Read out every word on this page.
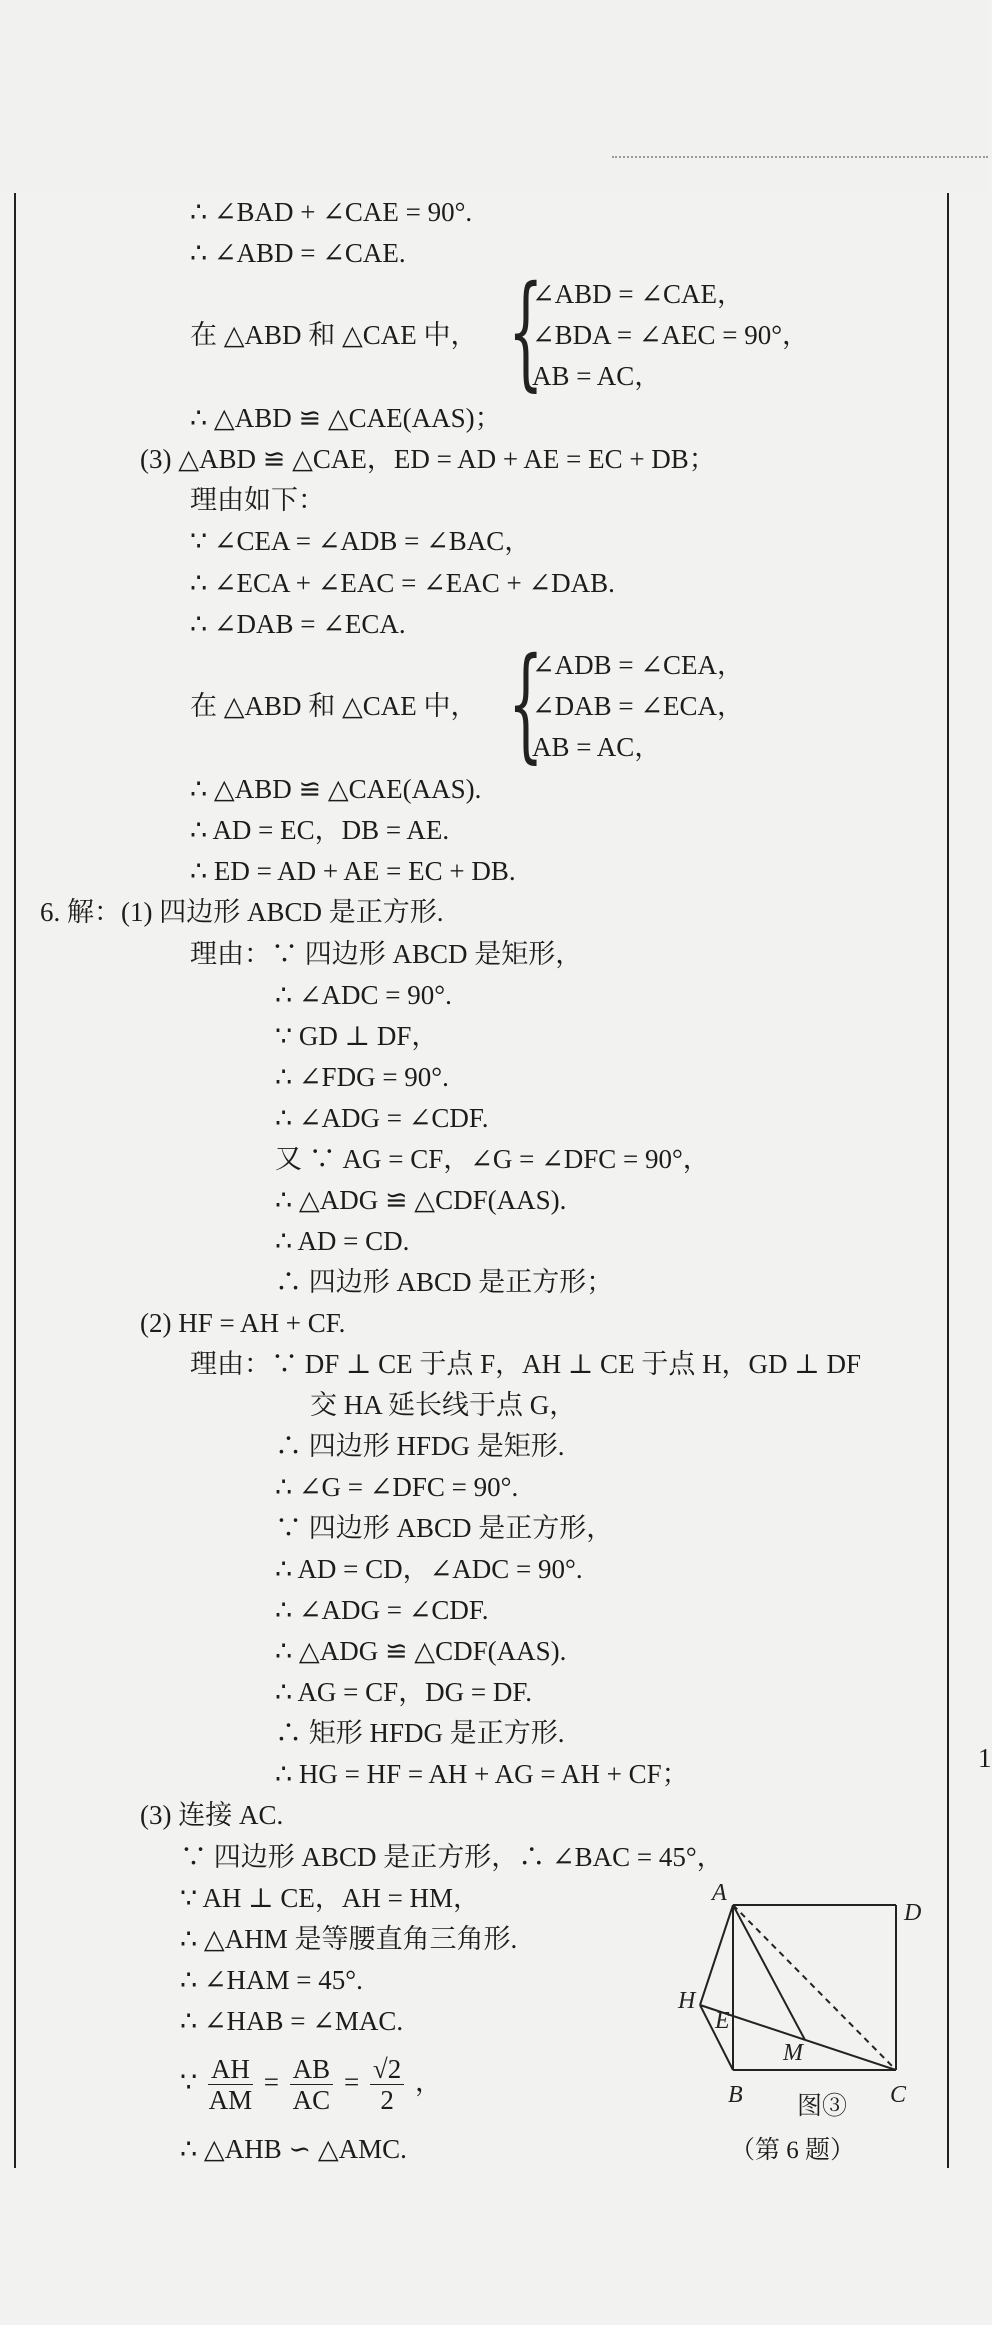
1
∴ ∠BAD + ∠CAE = 90°.
∴ ∠ABD = ∠CAE.
在 △ABD 和 △CAE 中， {
∠ABD = ∠CAE，
∠BDA = ∠AEC = 90°，
AB = AC，
∴ △ABD ≌ △CAE(AAS)；
(3) △ABD ≌ △CAE，ED = AD + AE = EC + DB；
理由如下：
∵ ∠CEA = ∠ADB = ∠BAC，
∴ ∠ECA + ∠EAC = ∠EAC + ∠DAB.
∴ ∠DAB = ∠ECA.
在 △ABD 和 △CAE 中， {
∠ADB = ∠CEA，
∠DAB = ∠ECA，
AB = AC，
∴ △ABD ≌ △CAE(AAS).
∴ AD = EC，DB = AE.
∴ ED = AD + AE = EC + DB.
6. 解：(1) 四边形 ABCD 是正方形.
理由：∵ 四边形 ABCD 是矩形，
∴ ∠ADC = 90°.
∵ GD ⊥ DF，
∴ ∠FDG = 90°.
∴ ∠ADG = ∠CDF.
又 ∵ AG = CF，∠G = ∠DFC = 90°，
∴ △ADG ≌ △CDF(AAS).
∴ AD = CD.
∴ 四边形 ABCD 是正方形；
(2) HF = AH + CF.
理由：∵ DF ⊥ CE 于点 F，AH ⊥ CE 于点 H，GD ⊥ DF
交 HA 延长线于点 G，
∴ 四边形 HFDG 是矩形.
∴ ∠G = ∠DFC = 90°.
∵ 四边形 ABCD 是正方形，
∴ AD = CD，∠ADC = 90°.
∴ ∠ADG = ∠CDF.
∴ △ADG ≌ △CDF(AAS).
∴ AG = CF，DG = DF.
∴ 矩形 HFDG 是正方形.
∴ HG = HF = AH + AG = AH + CF；
(3) 连接 AC.
∵ 四边形 ABCD 是正方形，∴ ∠BAC = 45°，
∵ AH ⊥ CE，AH = HM，
∴ △AHM 是等腰直角三角形.
∴ ∠HAM = 45°.
∴ ∠HAB = ∠MAC.
∵ $\frac{AH}{AM} = \frac{AB}{AC} = \frac{√2}{2}$ ，
∴ △AHB ∽ △AMC.
A
D
B	C
H
E
M
图③
（第 6 题）
